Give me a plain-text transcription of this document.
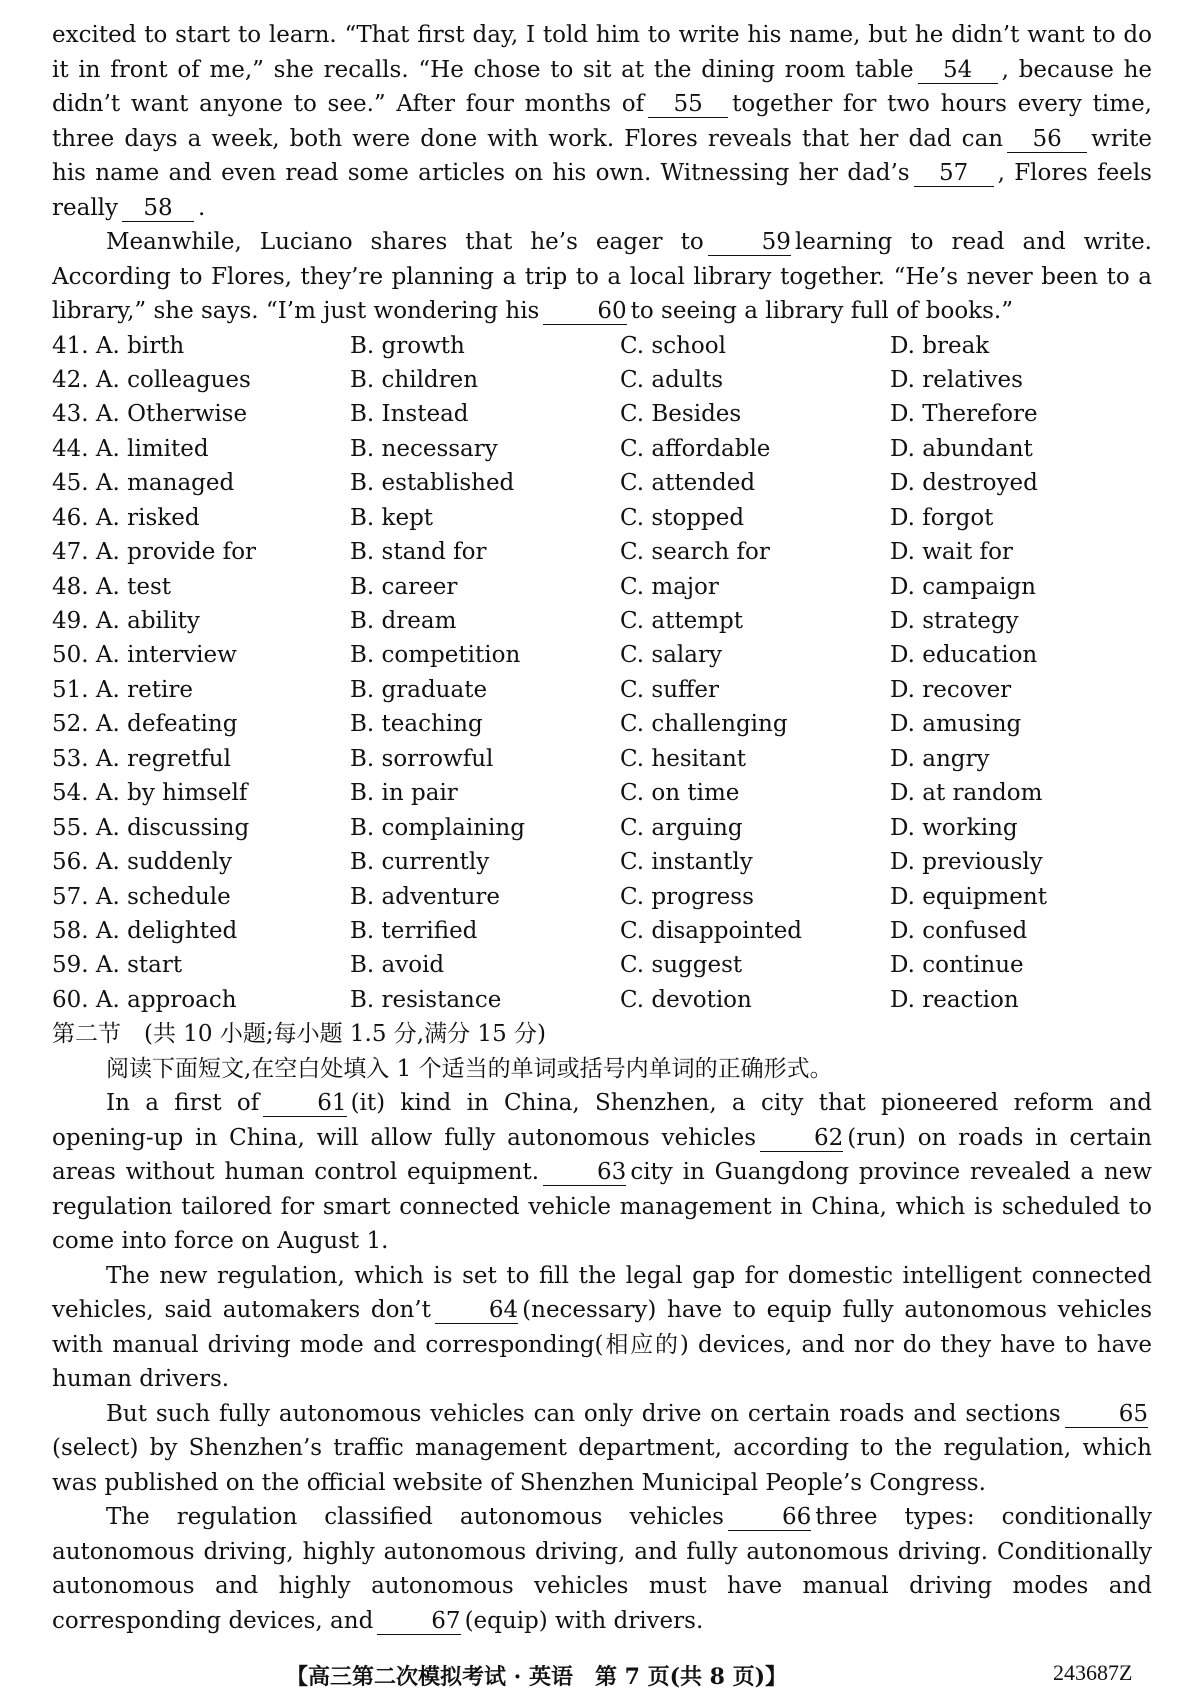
excited to start to learn. “That first day, I told him to write his name, but he didn’t want to do it in front of me,” she recalls. “He chose to sit at the dining room table 54 , because he didn’t want anyone to see.” After four months of 55 together for two hours every time, three days a week, both were done with work. Flores reveals that her dad can 56 write his name and even read some articles on his own. Witnessing her dad’s 57 , Flores feels really 58 .

Meanwhile, Luciano shares that he’s eager to	59 learning to read and write. According to Flores, they’re planning a trip to a local library together. “He’s never been to a library,” she says. “I’m just wondering his	60 to seeing a library full of books.”

41. A. birth	B. growth	C. school	D. break
42. A. colleagues	B. children	C. adults	D. relatives
43. A. Otherwise	B. Instead	C. Besides	D. Therefore
44. A. limited	B. necessary	C. affordable	D. abundant
45. A. managed	B. established	C. attended	D. destroyed
46. A. risked	B. kept	C. stopped	D. forgot
47. A. provide for	B. stand for	C. search for	D. wait for
48. A. test	B. career	C. major	D. campaign
49. A. ability	B. dream	C. attempt	D. strategy
50. A. interview	B. competition	C. salary	D. education
51. A. retire	B. graduate	C. suffer	D. recover
52. A. defeating	B. teaching	C. challenging	D. amusing
53. A. regretful	B. sorrowful	C. hesitant	D. angry
54. A. by himself	B. in pair	C. on time	D. at random
55. A. discussing	B. complaining	C. arguing	D. working
56. A. suddenly	B. currently	C. instantly	D. previously
57. A. schedule	B. adventure	C. progress	D. equipment
58. A. delighted	B. terrified	C. disappointed	D. confused
59. A. start	B. avoid	C. suggest	D. continue
60. A. approach	B. resistance	C. devotion	D. reaction

第二节　(共 10 小题;每小题 1.5 分,满分 15 分)

阅读下面短文,在空白处填入 1 个适当的单词或括号内单词的正确形式。

In a first of	61 (it) kind in China, Shenzhen, a city that pioneered reform and opening-up in China, will allow fully autonomous vehicles	62 (run) on roads in certain areas without human control equipment.	63 city in Guangdong province revealed a new regulation tailored for smart connected vehicle management in China, which is scheduled to come into force on August 1.

The new regulation, which is set to fill the legal gap for domestic intelligent connected vehicles, said automakers don’t	64 (necessary) have to equip fully autonomous vehicles with manual driving mode and corresponding(相应的) devices, and nor do they have to have human drivers.

But such fully autonomous vehicles can only drive on certain roads and sections	65(select) by Shenzhen’s traffic management department, according to the regulation, which was published on the official website of Shenzhen Municipal People’s Congress.

The regulation classified autonomous vehicles	66 three types: conditionally autonomous driving, highly autonomous driving, and fully autonomous driving. Conditionally autonomous and highly autonomous vehicles must have manual driving modes and corresponding devices, and	67 (equip) with drivers.

【高三第二次模拟考试 · 英语　第 7 页(共 8 页)】	243687Z
